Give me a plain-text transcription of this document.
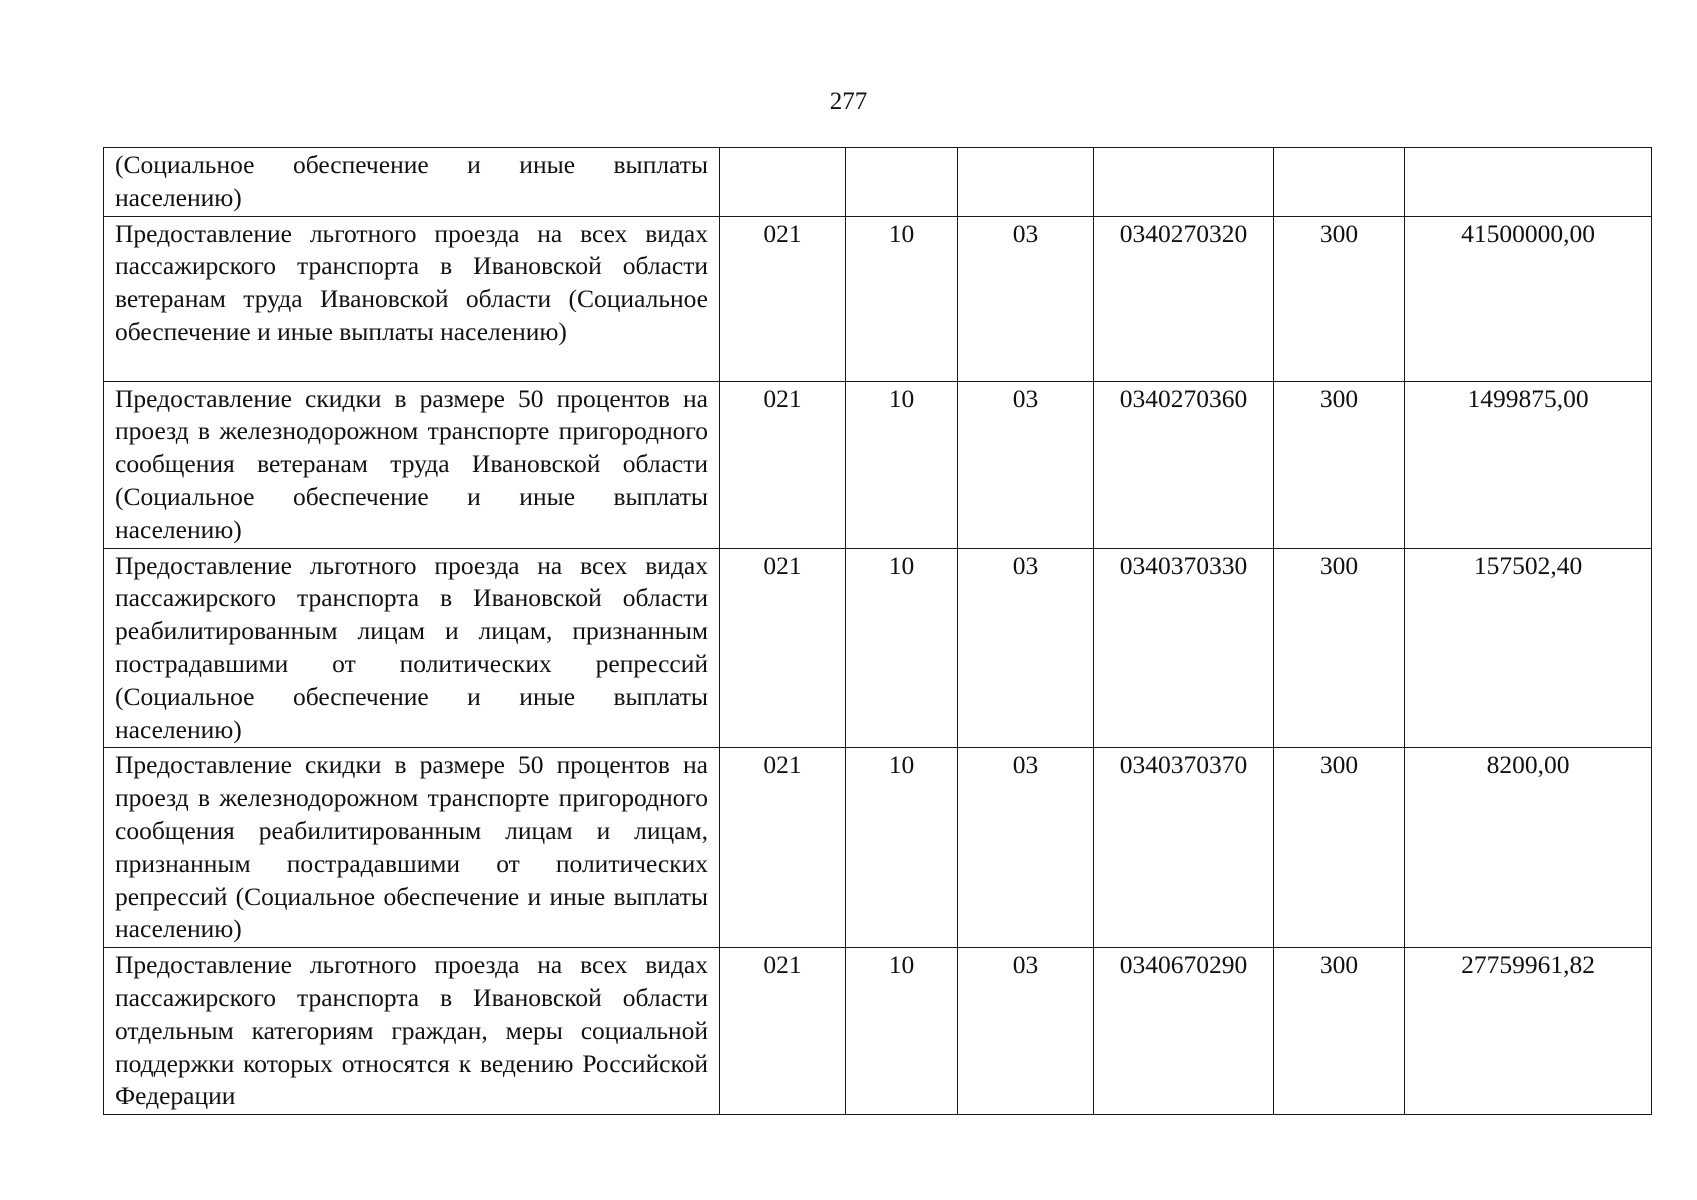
277
(Социальное обеспечение и иные выплаты населению)						
Предоставление льготного проезда на всех видах пассажирского транспорта в Ивановской области ветеранам труда Ивановской области (Социальное обеспечение и иные выплаты населению)	021	10	03	0340270320	300	41500000,00
Предоставление скидки в размере 50 процентов на проезд в железнодорожном транспорте пригородного сообщения ветеранам труда Ивановской области (Социальное обеспечение и иные выплаты населению)	021	10	03	0340270360	300	1499875,00
Предоставление льготного проезда на всех видах пассажирского транспорта в Ивановской области реабилитированным лицам и лицам, признанным пострадавшими от политических репрессий (Социальное обеспечение и иные выплаты населению)	021	10	03	0340370330	300	157502,40
Предоставление скидки в размере 50 процентов на проезд в железнодорожном транспорте пригородного сообщения реабилитированным лицам и лицам, признанным пострадавшими от политических репрессий (Социальное обеспечение и иные выплаты населению)	021	10	03	0340370370	300	8200,00
Предоставление льготного проезда на всех видах пассажирского транспорта в Ивановской области отдельным категориям граждан, меры социальной поддержки которых относятся к ведению Российской Федерации	021	10	03	0340670290	300	27759961,82
